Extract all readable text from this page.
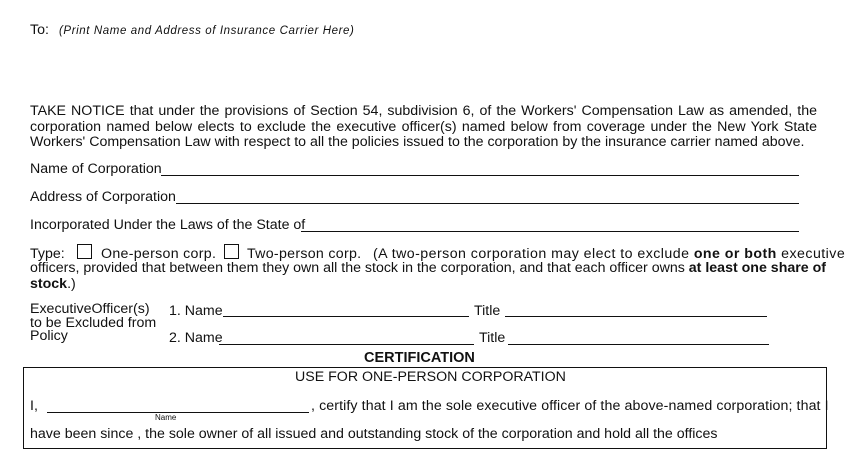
To: (Print Name and Address of Insurance Carrier Here)
TAKE NOTICE that under the provisions of Section 54, subdivision 6, of the Workers' Compensation Law as amended, the
corporation named below elects to exclude the executive officer(s) named below from coverage under the New York State
Workers' Compensation Law with respect to all the policies issued to the corporation by the insurance carrier named above.
Name of Corporation
Address of Corporation
Incorporated Under the Laws of the State of
Type:	One-person corp. Two-person corp. (A two-person corporation may elect to exclude one or both executive
officers, provided that between them they own all the stock in the corporation, and that each officer owns at least one share of
stock.)
ExecutiveOfficer(s)
to be Excluded from
Policy
1. Name	Title
2. Name	Title
CERTIFICATION
USE FOR ONE-PERSON CORPORATION
I,
Name
, certify that I am the sole executive officer of the above-named corporation; that I
have been since , the sole owner of all issued and outstanding stock of the corporation and hold all the offices
